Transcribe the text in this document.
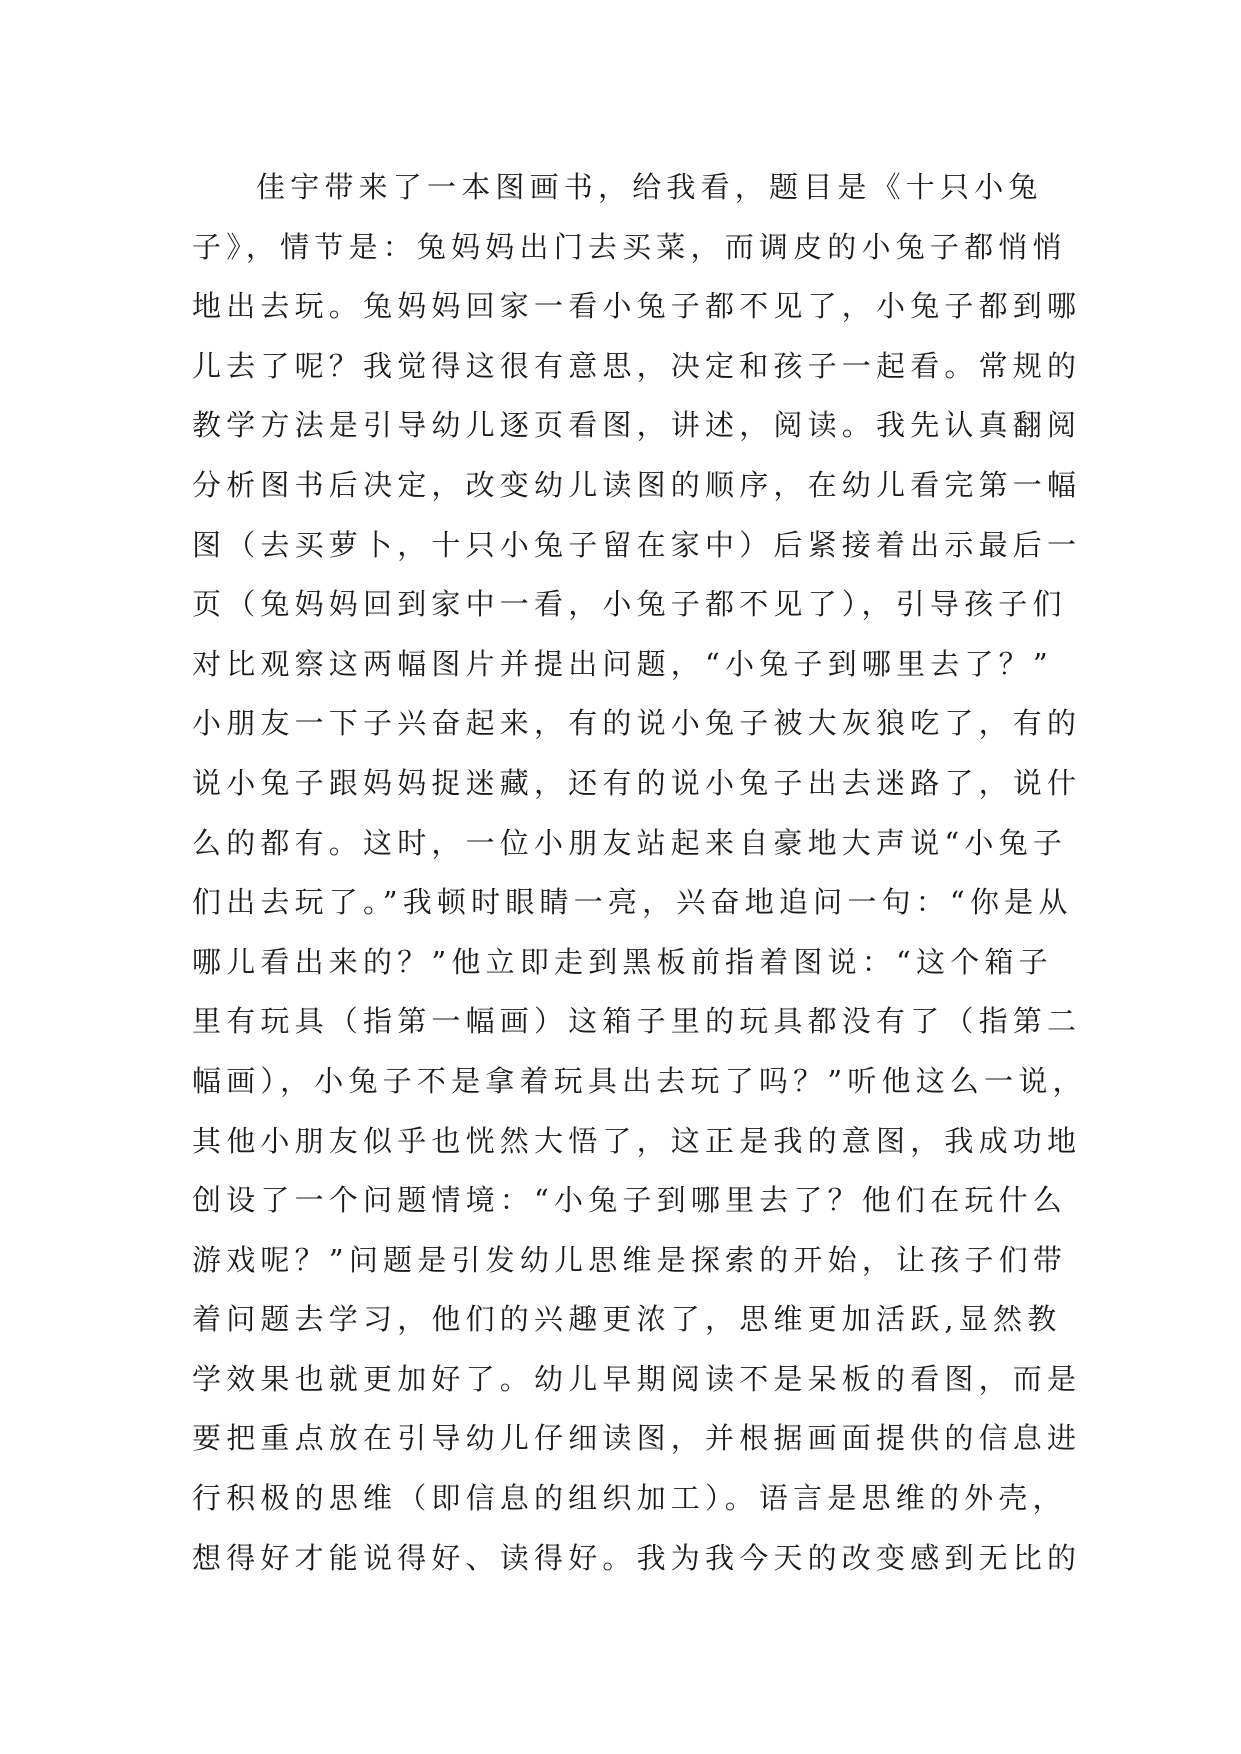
佳宇带来了一本图画书，给我看，题目是《十只小兔
子》，情节是：兔妈妈出门去买菜，而调皮的小兔子都悄悄
地出去玩。兔妈妈回家一看小兔子都不见了，小兔子都到哪
儿去了呢？我觉得这很有意思，决定和孩子一起看。常规的
教学方法是引导幼儿逐页看图，讲述，阅读。我先认真翻阅
分析图书后决定，改变幼儿读图的顺序，在幼儿看完第一幅
图（去买萝卜，十只小兔子留在家中）后紧接着出示最后一
页（兔妈妈回到家中一看，小兔子都不见了），引导孩子们
对比观察这两幅图片并提出问题，“小兔子到哪里去了？”
小朋友一下子兴奋起来，有的说小兔子被大灰狼吃了，有的
说小兔子跟妈妈捉迷藏，还有的说小兔子出去迷路了，说什
么的都有。这时，一位小朋友站起来自豪地大声说“小兔子
们出去玩了。”我顿时眼睛一亮，兴奋地追问一句：“你是从
哪儿看出来的？”他立即走到黑板前指着图说：“这个箱子
里有玩具（指第一幅画）这箱子里的玩具都没有了（指第二
幅画），小兔子不是拿着玩具出去玩了吗？”听他这么一说，
其他小朋友似乎也恍然大悟了，这正是我的意图，我成功地
创设了一个问题情境：“小兔子到哪里去了？他们在玩什么
游戏呢？”问题是引发幼儿思维是探索的开始，让孩子们带
着问题去学习，他们的兴趣更浓了，思维更加活跃,显然教
学效果也就更加好了。幼儿早期阅读不是呆板的看图，而是
要把重点放在引导幼儿仔细读图，并根据画面提供的信息进
行积极的思维（即信息的组织加工）。语言是思维的外壳，
想得好才能说得好、读得好。我为我今天的改变感到无比的
